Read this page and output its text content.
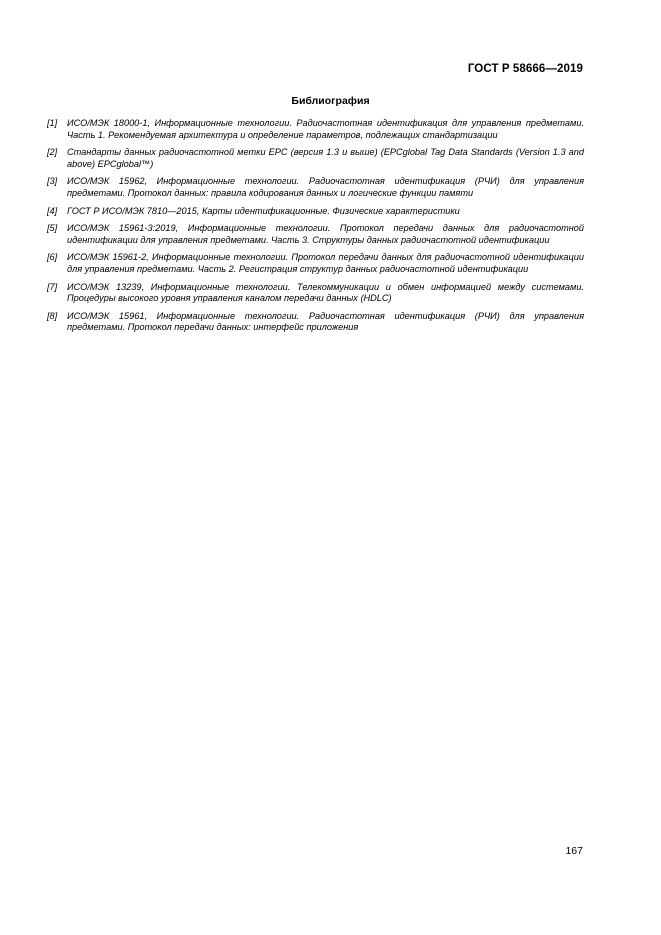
ГОСТ Р 58666—2019
Библиография
[1]	ИСО/МЭК 18000-1, Информационные технологии. Радиочастотная идентификация для управления предметами. Часть 1. Рекомендуемая архитектура и определение параметров, подлежащих стандартизации
[2]	Стандарты данных радиочастотной метки EPC (версия 1.3 и выше) (EPCglobal Tag Data Standards (Version 1.3 and above) EPCglobal™)
[3]	ИСО/МЭК 15962, Информационные технологии. Радиочастотная идентификация (РЧИ) для управления предметами. Протокол данных: правила кодирования данных и логические функции памяти
[4]	ГОСТ Р ИСО/МЭК 7810—2015, Карты идентификационные. Физические характеристики
[5]	ИСО/МЭК 15961-3:2019, Информационные технологии. Протокол передачи данных для радиочастотной идентификации для управления предметами. Часть 3. Структуры данных радиочастотной идентификации
[6]	ИСО/МЭК 15961-2, Информационные технологии. Протокол передачи данных для радиочастотной идентификации для управления предметами. Часть 2. Регистрация структур данных радиочастотной идентификации
[7]	ИСО/МЭК 13239, Информационные технологии. Телекоммуникации и обмен информацией между системами. Процедуры высокого уровня управления каналом передачи данных (HDLC)
[8]	ИСО/МЭК 15961, Информационные технологии. Радиочастотная идентификация (РЧИ) для управления предметами. Протокол передачи данных: интерфейс приложения
167
